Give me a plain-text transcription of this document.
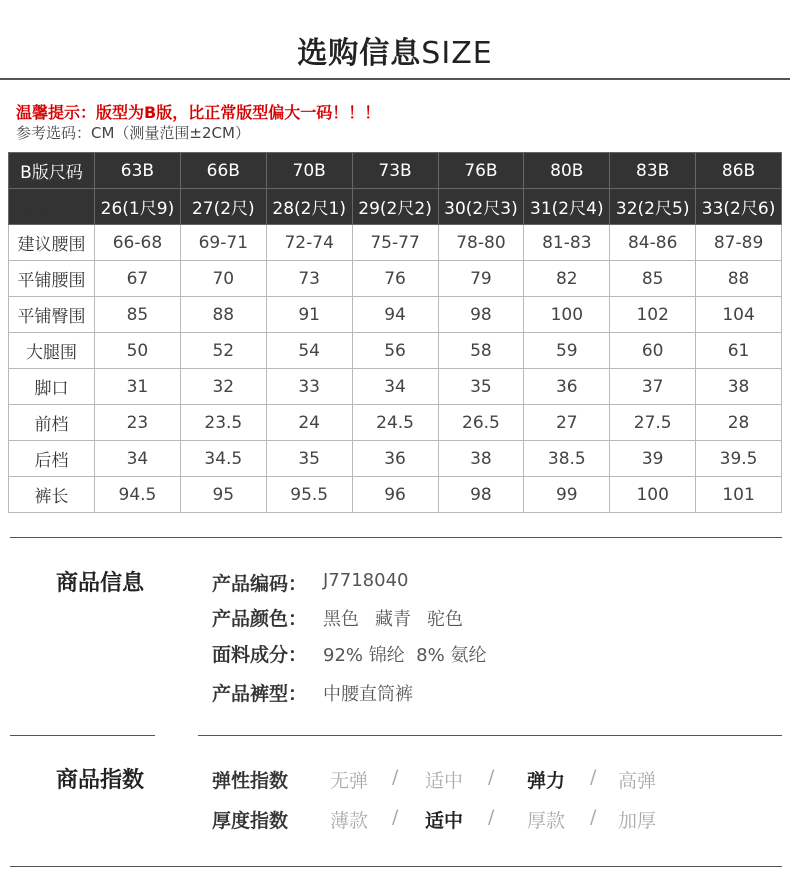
选购信息SIZE
温馨提示：版型为B版，比正常版型偏大一码！！！
参考选码：CM（测量范围±2CM）
B版尺码	63B	66B	70B	73B	76B	80B	83B	86B
市场尺码	26(1尺9)	27(2尺)	28(2尺1)	29(2尺2)	30(2尺3)	31(2尺4)	32(2尺5)	33(2尺6)
建议腰围	66-68	69-71	72-74	75-77	78-80	81-83	84-86	87-89
平铺腰围	67	70	73	76	79	82	85	88
平铺臀围	85	88	91	94	98	100	102	104
大腿围	50	52	54	56	58	59	60	61
脚口	31	32	33	34	35	36	37	38
前档	23	23.5	24	24.5	26.5	27	27.5	28
后档	34	34.5	35	36	38	38.5	39	39.5
裤长	94.5	95	95.5	96	98	99	100	101
商品信息	产品编码： J7718040
产品颜色： 黑色 藏青 驼色
面料成分： 92% 锦纶  8% 氨纶
产品裤型： 中腰直筒裤
商品指数	弹性指数	无弹	/	适中	/	弹力	/	高弹
厚度指数	薄款	/	适中	/	厚款	/	加厚
